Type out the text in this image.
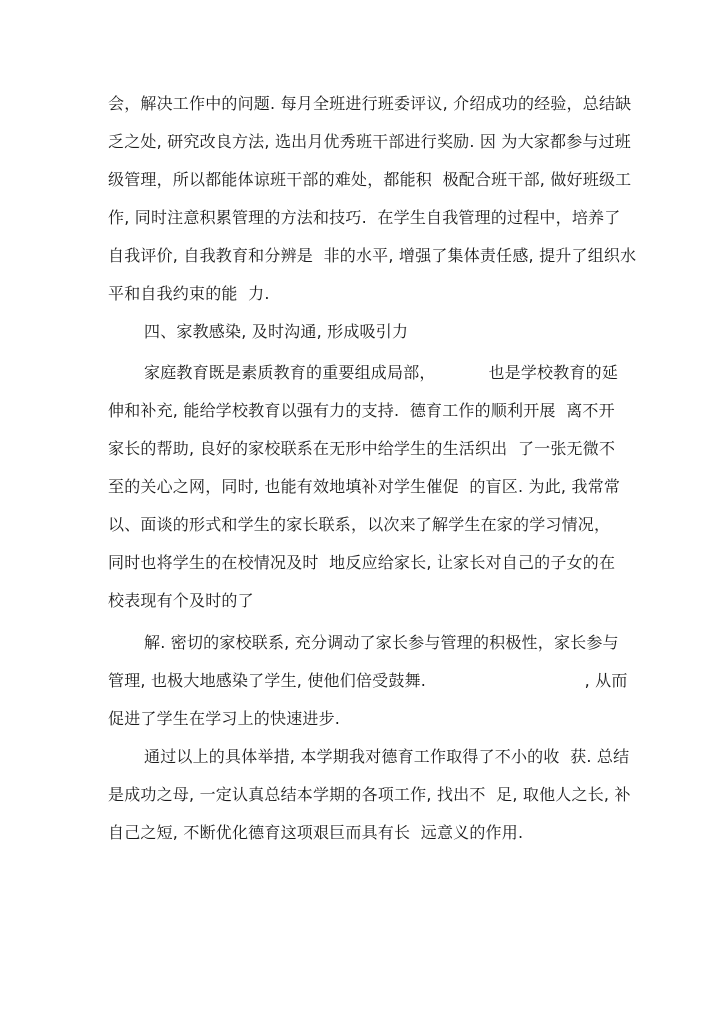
会，解决工作中的问题. 每月全班进行班委评议, 介绍成功的经验，总结缺
乏之处, 研究改良方法, 选出月优秀班干部进行奖励. 因 为大家都参与过班
级管理，所以都能体谅班干部的难处，都能积  极配合班干部, 做好班级工
作, 同时注意积累管理的方法和技巧.  在学生自我管理的过程中，培养了
自我评价, 自我教育和分辨是  非的水平, 增强了集体责任感, 提升了组织水
平和自我约束的能  力.
四、家教感染, 及时沟通, 形成吸引力
家庭教育既是素质教育的重要组成局部，          也是学校教育的延
伸和补充, 能给学校教育以强有力的支持.  德育工作的顺利开展  离不开
家长的帮助, 良好的家校联系在无形中给学生的生活织出  了一张无微不
至的关心之网，同时, 也能有效地填补对学生催促  的盲区. 为此, 我常常
以、面谈的形式和学生的家长联系，以次来了解学生在家的学习情况，
同时也将学生的在校情况及时  地反应给家长, 让家长对自己的子女的在
校表现有个及时的了
解. 密切的家校联系, 充分调动了家长参与管理的积极性，家长参与
管理, 也极大地感染了学生, 使他们倍受鼓舞.                              , 从而
促进了学生在学习上的快速进步.
通过以上的具体举措, 本学期我对德育工作取得了不小的收  获. 总结
是成功之母, 一定认真总结本学期的各项工作, 找出不  足, 取他人之长, 补
自己之短, 不断优化德育这项艰巨而具有长  远意义的作用.
